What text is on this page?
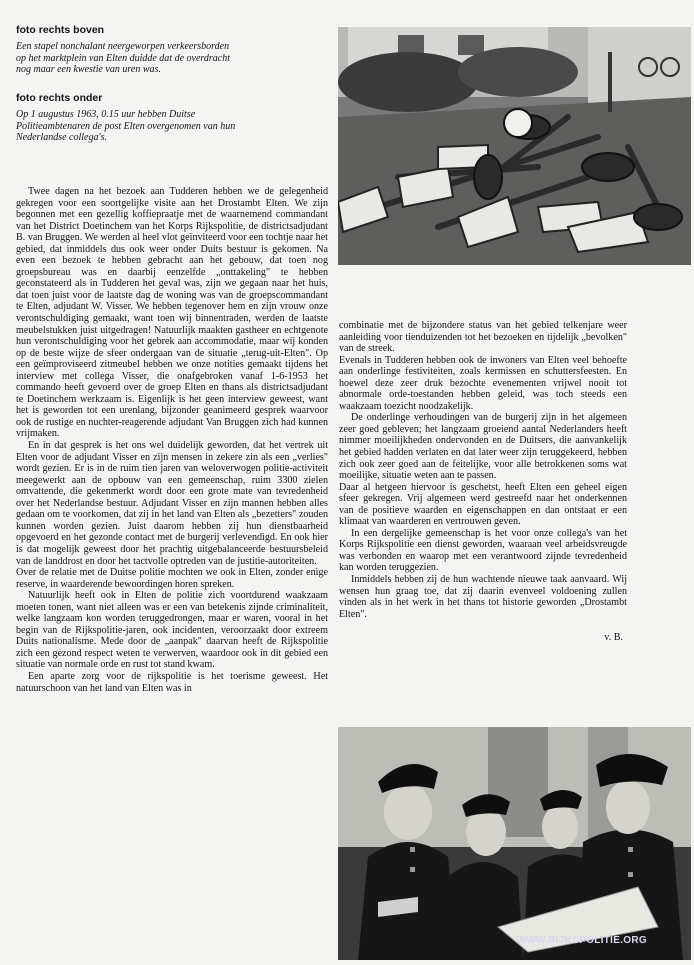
foto rechts boven
Een stapel nonchalant neergeworpen verkeersborden
op het marktplein van Elten duidde dat de overdracht
nog maar een kwestie van uren was.
foto rechts onder
Op 1 augustus 1963, 0.15 uur hebben Duitse
Politieambtenaren de post Elten overgenomen van hun
Nederlandse collega's.

Twee dagen na het bezoek aan Tudderen hebben we de gelegenheid gekregen voor een soortgelijke visite aan het Drostambt Elten. We zijn begonnen met een gezellig koffiepraatje met de waarnemend commandant van het District Doetinchem van het Korps Rijkspolitie, de districtsadjudant B. van Bruggen. We werden al heel vlot geïnviteerd voor een tochtje naar het gebied, dat inmiddels dus ook weer onder Duits bestuur is gekomen. Na even een bezoek te hebben gebracht aan het gebouw, dat toen nog groepsbureau was en daarbij eenzelfde „onttakeling" te hebben geconstateerd als in Tudderen het geval was, zijn we gegaan naar het huis, dat toen juist voor de laatste dag de woning was van de groepscommandant te Elten, adjudant W. Visser. We hebben tegenover hem en zijn vrouw onze verontschuldiging gemaakt, want toen wij binnentraden, werden de laatste meubelstukken juist uitgedragen! Natuurlijk maakten gastheer en echtgenote hun verontschuldiging voor het gebrek aan accommodatie, maar wij konden op de beste wijze de sfeer ondergaan van de situatie „terug-uit-Elten". Op een geïmproviseerd zitmeubel hebben we onze notities gemaakt tijdens het interview met collega Visser, die onafgebroken vanaf 1-6-1953 het commando heeft gevoerd over de groep Elten en thans als districtsadjudant te Doetinchem werkzaam is. Eigenlijk is het geen interview geweest, want het is geworden tot een urenlang, bijzonder geanimeerd gesprek waarvoor ook de rustige en nuchter-reagerende adjudant Van Bruggen zich had kunnen vrijmaken.

En in dat gesprek is het ons wel duidelijk geworden, dat het vertrek uit Elten voor de adjudant Visser en zijn mensen in zekere zin als een „verlies" wordt gezien. Er is in de ruim tien jaren van weloverwogen politie-activiteit meegewerkt aan de opbouw van een gemeenschap, ruim 3300 zielen omvattende, die gekenmerkt wordt door een grote mate van tevredenheid over het Nederlandse bestuur. Adjudant Visser en zijn mannen hebben alles gedaan om te voorkomen, dat zij in het land van Elten als „bezetters" zouden kunnen worden gezien. Juist daarom hebben zij hun dienstbaarheid opgevoerd en het gezonde contact met de burgerij verlevendigd. En ook hier is dat mogelijk geweest door het prachtig uitgebalanceerde bestuursbeleid van de landdrost en door het tactvolle optreden van de justitie-autoriteiten.

Over de relatie met de Duitse politie mochten we ook in Elten, zonder enige reserve, in waarderende bewoordingen horen spreken.

Natuurlijk heeft ook in Elten de politie zich voortdurend waakzaam moeten tonen, want niet alleen was er een van betekenis zijnde criminaliteit, welke langzaam kon worden teruggedrongen, maar er waren, vooral in het begin van de Rijkspolitie-jaren, ook incidenten, veroorzaakt door extreem Duits nationalisme. Mede door de „aanpak" daarvan heeft de Rijkspolitie zich een gezond respect weten te verwerven, waardoor ook in dit gebied een situatie van normale orde en rust tot stand kwam.

Een aparte zorg voor de rijkspolitie is het toerisme geweest. Het natuurschoon van het land van Elten was in

combinatie met de bijzondere status van het gebied telkenjare weer aanleiding voor tienduizenden tot het bezoeken en tijdelijk „bevolken" van de streek.

Evenals in Tudderen hebben ook de inwoners van Elten veel behoefte aan onderlinge festiviteiten, zoals kermissen en schuttersfeesten. En hoewel deze zeer druk bezochte evenementen vrijwel nooit tot abnormale orde-toestanden hebben geleid, was toch steeds een waakzaam toezicht noodzakelijk.

De onderlinge verhoudingen van de burgerij zijn in het algemeen zeer goed gebleven; het langzaam groeiend aantal Nederlanders heeft nimmer moeilijkheden ondervonden en de Duitsers, die aanvankelijk het gebied hadden verlaten en dat later weer zijn teruggekeerd, hebben zich ook zeer goed aan de feitelijke, voor alle betrokkenen soms wat moeilijke, situatie weten aan te passen.

Daar al hetgeen hiervoor is geschetst, heeft Elten een geheel eigen sfeer gekregen. Vrij algemeen werd gestreefd naar het onderkennen van de positieve waarden en eigenschappen en dan ontstaat er een klimaat van waarderen en vertrouwen geven.

In een dergelijke gemeenschap is het voor onze collega's van het Korps Rijkspolitie een dienst geworden, waaraan veel arbeidsvreugde was verbonden en waarop met een verantwoord zijnde tevredenheid kan worden teruggezien.

Inmiddels hebben zij de hun wachtende nieuwe taak aanvaard. Wij wensen hun graag toe, dat zij daarin evenveel voldoening zullen vinden als in het werk in het thans tot historie geworden „Drostambt Elten".

v. B.

WWW.RIJKSPOLITIE.ORG
